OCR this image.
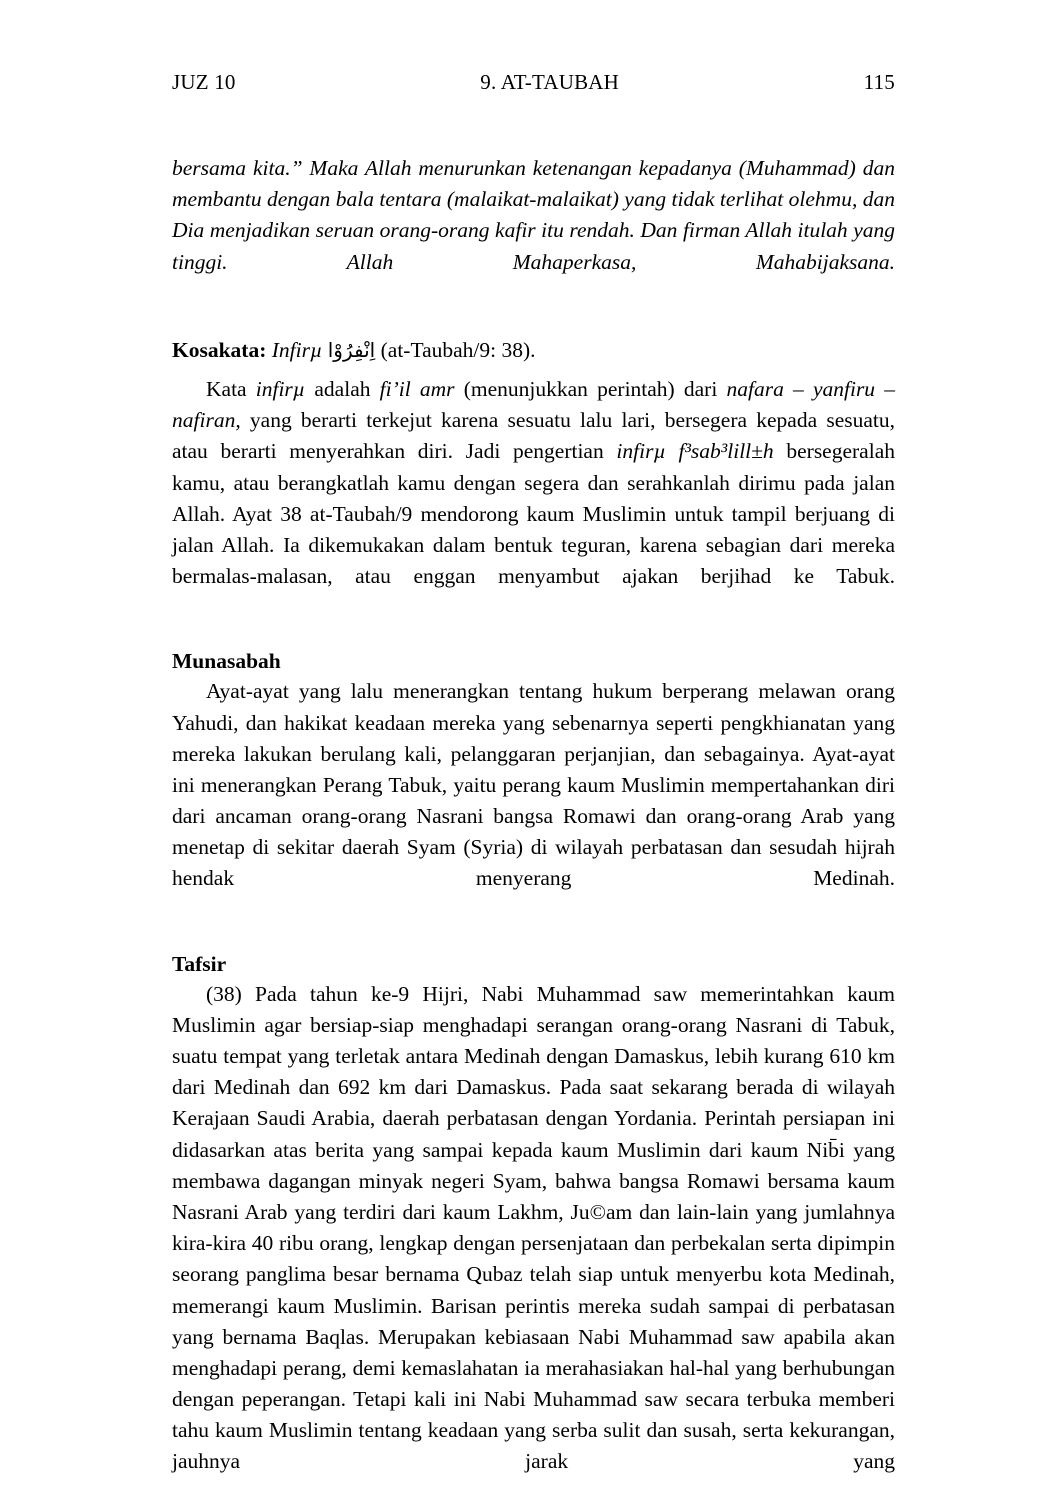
JUZ 10	9. AT-TAUBAH	115

bersama kita.” Maka Allah menurunkan ketenangan kepadanya (Muhammad) dan membantu dengan bala tentara (malaikat-malaikat) yang tidak terlihat olehmu, dan Dia menjadikan seruan orang-orang kafir itu rendah. Dan firman Allah itulah yang tinggi. Allah Mahaperkasa, Mahabijaksana.

Kosakata: Infirµ اِنْفِرُوْا (at-Taubah/9: 38).

Kata infirµ adalah fi’il amr (menunjukkan perintah) dari nafara – yanfiru – nafiran, yang berarti terkejut karena sesuatu lalu lari, bersegera kepada sesuatu, atau berarti menyerahkan diri. Jadi pengertian infirµ f³sab³lill±h bersegeralah kamu, atau berangkatlah kamu dengan segera dan serahkanlah dirimu pada jalan Allah. Ayat 38 at-Taubah/9 mendorong kaum Muslimin untuk tampil berjuang di jalan Allah. Ia dikemukakan dalam bentuk teguran, karena sebagian dari mereka bermalas-malasan, atau enggan menyambut ajakan berjihad ke Tabuk.

Munasabah

Ayat-ayat yang lalu menerangkan tentang hukum berperang melawan orang Yahudi, dan hakikat keadaan mereka yang sebenarnya seperti pengkhianatan yang mereka lakukan berulang kali, pelanggaran perjanjian, dan sebagainya. Ayat-ayat ini menerangkan Perang Tabuk, yaitu perang kaum Muslimin mempertahankan diri dari ancaman orang-orang Nasrani bangsa Romawi dan orang-orang Arab yang menetap di sekitar daerah Syam (Syria) di wilayah perbatasan dan sesudah hijrah hendak menyerang Medinah.

Tafsir

(38) Pada tahun ke-9 Hijri, Nabi Muhammad saw memerintahkan kaum Muslimin agar bersiap-siap menghadapi serangan orang-orang Nasrani di Tabuk, suatu tempat yang terletak antara Medinah dengan Damaskus, lebih kurang 610 km dari Medinah dan 692 km dari Damaskus. Pada saat sekarang berada di wilayah Kerajaan Saudi Arabia, daerah perbatasan dengan Yordania. Perintah persiapan ini didasarkan atas berita yang sampai kepada kaum Muslimin dari kaum Nib̄i yang membawa dagangan minyak negeri Syam, bahwa bangsa Romawi bersama kaum Nasrani Arab yang terdiri dari kaum Lakhm, Ju©am dan lain-lain yang jumlahnya kira-kira 40 ribu orang, lengkap dengan persenjataan dan perbekalan serta dipimpin seorang panglima besar bernama Qubaz telah siap untuk menyerbu kota Medinah, memerangi kaum Muslimin. Barisan perintis mereka sudah sampai di perbatasan yang bernama Baqlas. Merupakan kebiasaan Nabi Muhammad saw apabila akan menghadapi perang, demi kemaslahatan ia merahasiakan hal-hal yang berhubungan dengan peperangan. Tetapi kali ini Nabi Muhammad saw secara terbuka memberi tahu kaum Muslimin tentang keadaan yang serba sulit dan susah, serta kekurangan, jauhnya jarak yang
